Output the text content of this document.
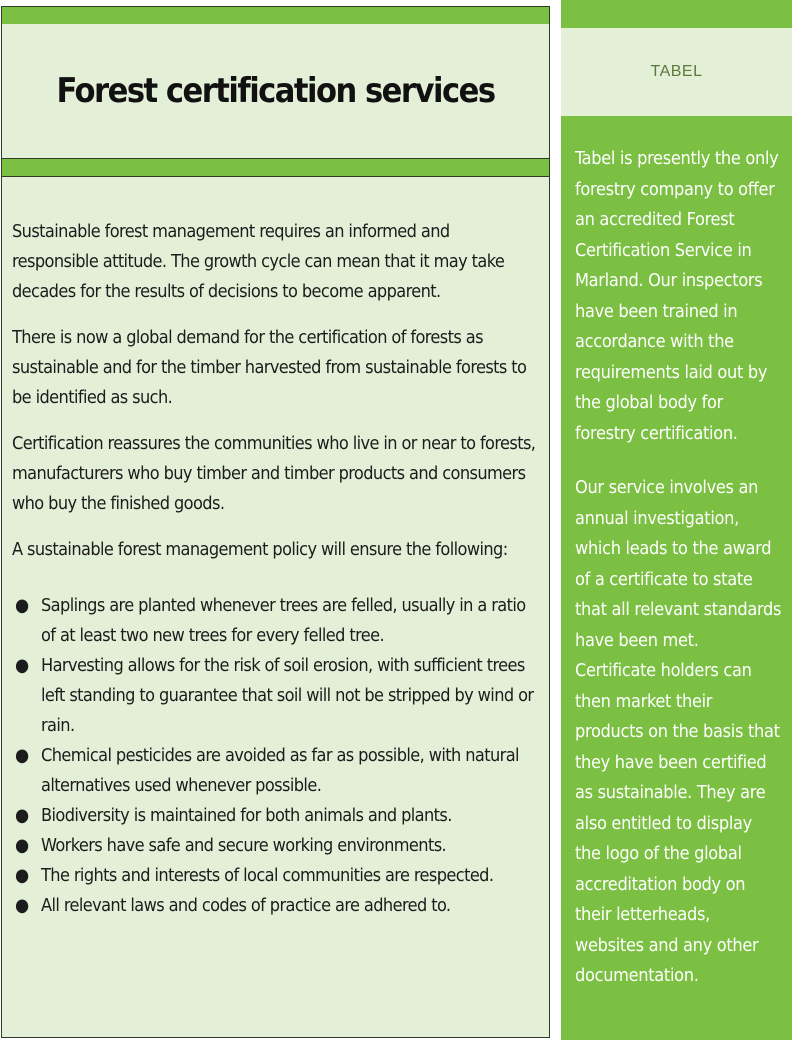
Forest certification services

Sustainable forest management requires an informed and responsible attitude. The growth cycle can mean that it may take decades for the results of decisions to become apparent.

There is now a global demand for the certification of forests as sustainable and for the timber harvested from sustainable forests to be identified as such.

Certification reassures the communities who live in or near to forests, manufacturers who buy timber and timber products and consumers who buy the finished goods.

A sustainable forest management policy will ensure the following:

● Saplings are planted whenever trees are felled, usually in a ratio of at least two new trees for every felled tree.
● Harvesting allows for the risk of soil erosion, with sufficient trees left standing to guarantee that soil will not be stripped by wind or rain.
● Chemical pesticides are avoided as far as possible, with natural alternatives used whenever possible.
● Biodiversity is maintained for both animals and plants.
● Workers have safe and secure working environments.
● The rights and interests of local communities are respected.
● All relevant laws and codes of practice are adhered to.
TABEL

Tabel is presently the only forestry company to offer an accredited Forest Certification Service in Marland. Our inspectors have been trained in accordance with the requirements laid out by the global body for forestry certification.

Our service involves an annual investigation, which leads to the award of a certificate to state that all relevant standards have been met. Certificate holders can then market their products on the basis that they have been certified as sustainable. They are also entitled to display the logo of the global accreditation body on their letterheads, websites and any other documentation.
